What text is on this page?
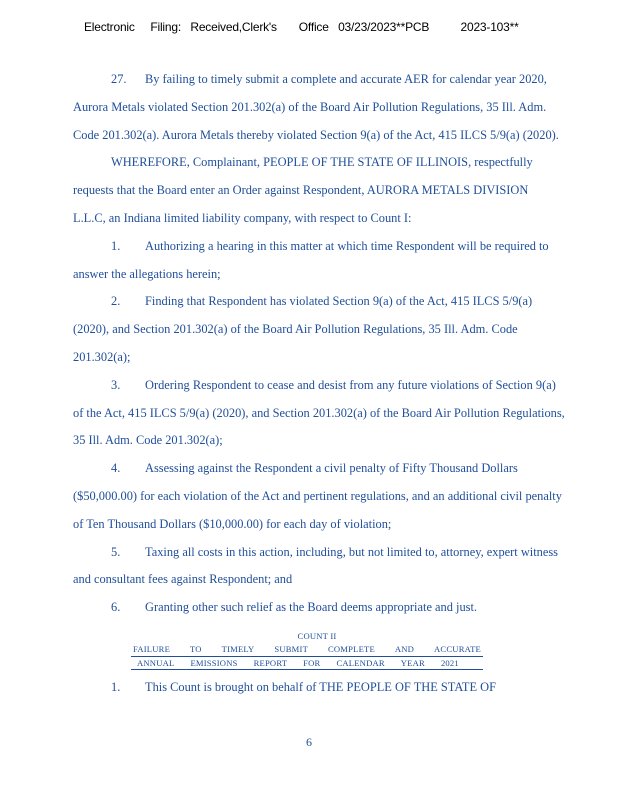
Electronic     Filing:   Received,Clerk's       Office   03/23/2023**PCB          2023-103**
27. By failing to timely submit a complete and accurate AER for calendar year 2020,
Aurora Metals violated Section 201.302(a) of the Board Air Pollution Regulations, 35 Ill. Adm.
Code 201.302(a). Aurora Metals thereby violated Section 9(a) of the Act, 415 ILCS 5/9(a) (2020).
WHEREFORE, Complainant, PEOPLE OF THE STATE OF ILLINOIS, respectfully
requests that the Board enter an Order against Respondent, AURORA METALS DIVISION
L.L.C, an Indiana limited liability company, with respect to Count I:
1. Authorizing a hearing in this matter at which time Respondent will be required to
answer the allegations herein;
2. Finding that Respondent has violated Section 9(a) of the Act, 415 ILCS 5/9(a)
(2020), and Section 201.302(a) of the Board Air Pollution Regulations, 35 Ill. Adm. Code
201.302(a);
3. Ordering Respondent to cease and desist from any future violations of Section 9(a)
of the Act, 415 ILCS 5/9(a) (2020), and Section 201.302(a) of the Board Air Pollution Regulations,
35 Ill. Adm. Code 201.302(a);
4. Assessing against the Respondent a civil penalty of Fifty Thousand Dollars
($50,000.00) for each violation of the Act and pertinent regulations, and an additional civil penalty
of Ten Thousand Dollars ($10,000.00) for each day of violation;
5. Taxing all costs in this action, including, but not limited to, attorney, expert witness
and consultant fees against Respondent; and
6. Granting other such relief as the Board deems appropriate and just.
COUNT II
FAILURE TO TIMELY SUBMIT COMPLETE AND ACCURATE
ANNUAL EMISSIONS REPORT FOR CALENDAR YEAR 2021
1. This Count is brought on behalf of THE PEOPLE OF THE STATE OF
6
